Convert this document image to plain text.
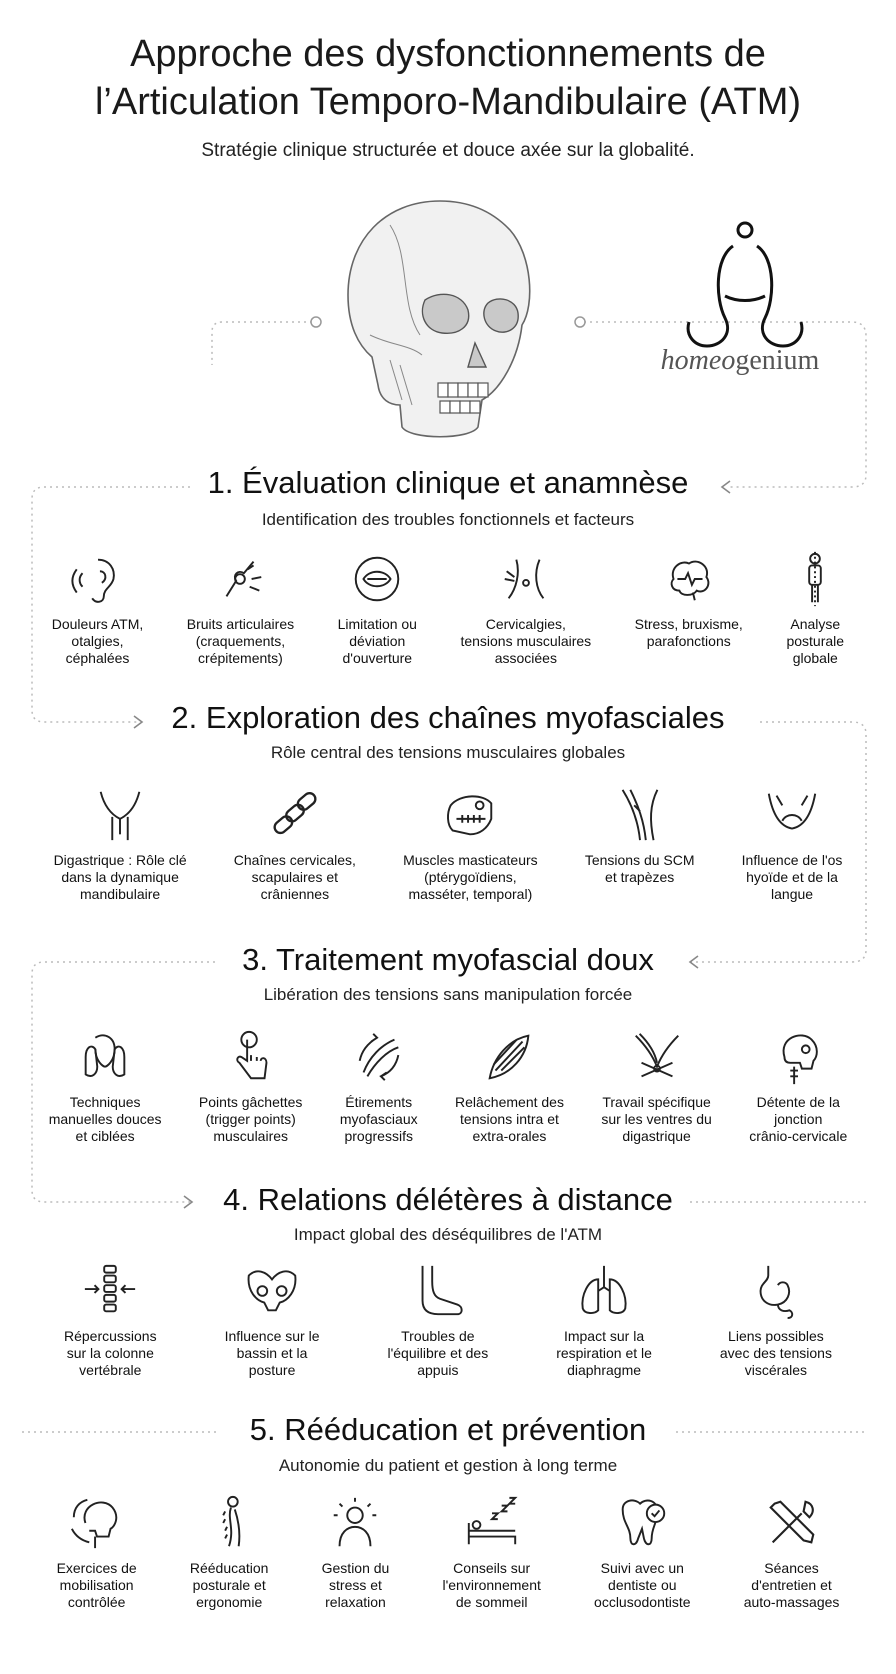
Approche des dysfonctionnements de
l’Articulation Temporo-Mandibulaire (ATM)
Stratégie clinique structurée et douce axée sur la globalité.
homeogenium
1. Évaluation clinique et anamnèse
Identification des troubles fonctionnels et facteurs
Douleurs ATM,
otalgies,
céphalées
Bruits articulaires
(craquements,
crépitements)
Limitation ou
déviation
d'ouverture
Cervicalgies,
tensions musculaires
associées
Stress, bruxisme,
parafonctions
Analyse
posturale
globale
2. Exploration des chaînes myofasciales
Rôle central des tensions musculaires globales
Digastrique : Rôle clé
dans la dynamique
mandibulaire
Chaînes cervicales,
scapulaires et
crâniennes
Muscles masticateurs
(ptérygoïdiens,
masséter, temporal)
Tensions du SCM
et trapèzes
Influence de l'os
hyoïde et de la
langue
3. Traitement myofascial doux
Libération des tensions sans manipulation forcée
Techniques
manuelles douces
et ciblées
Points gâchettes
(trigger points)
musculaires
Étirements
myofasciaux
progressifs
Relâchement des
tensions intra et
extra-orales
Travail spécifique
sur les ventres du
digastrique
Détente de la
jonction
crânio-cervicale
4. Relations délétères à distance
Impact global des déséquilibres de l'ATM
Répercussions
sur la colonne
vertébrale
Influence sur le
bassin et la
posture
Troubles de
l'équilibre et des
appuis
Impact sur la
respiration et le
diaphragme
Liens possibles
avec des tensions
viscérales
5. Rééducation et prévention
Autonomie du patient et gestion à long terme
Exercices de
mobilisation
contrôlée
Rééducation
posturale et
ergonomie
Gestion du
stress et
relaxation
Conseils sur
l'environnement
de sommeil
Suivi avec un
dentiste ou
occlusodontiste
Séances
d'entretien et
auto-massages
